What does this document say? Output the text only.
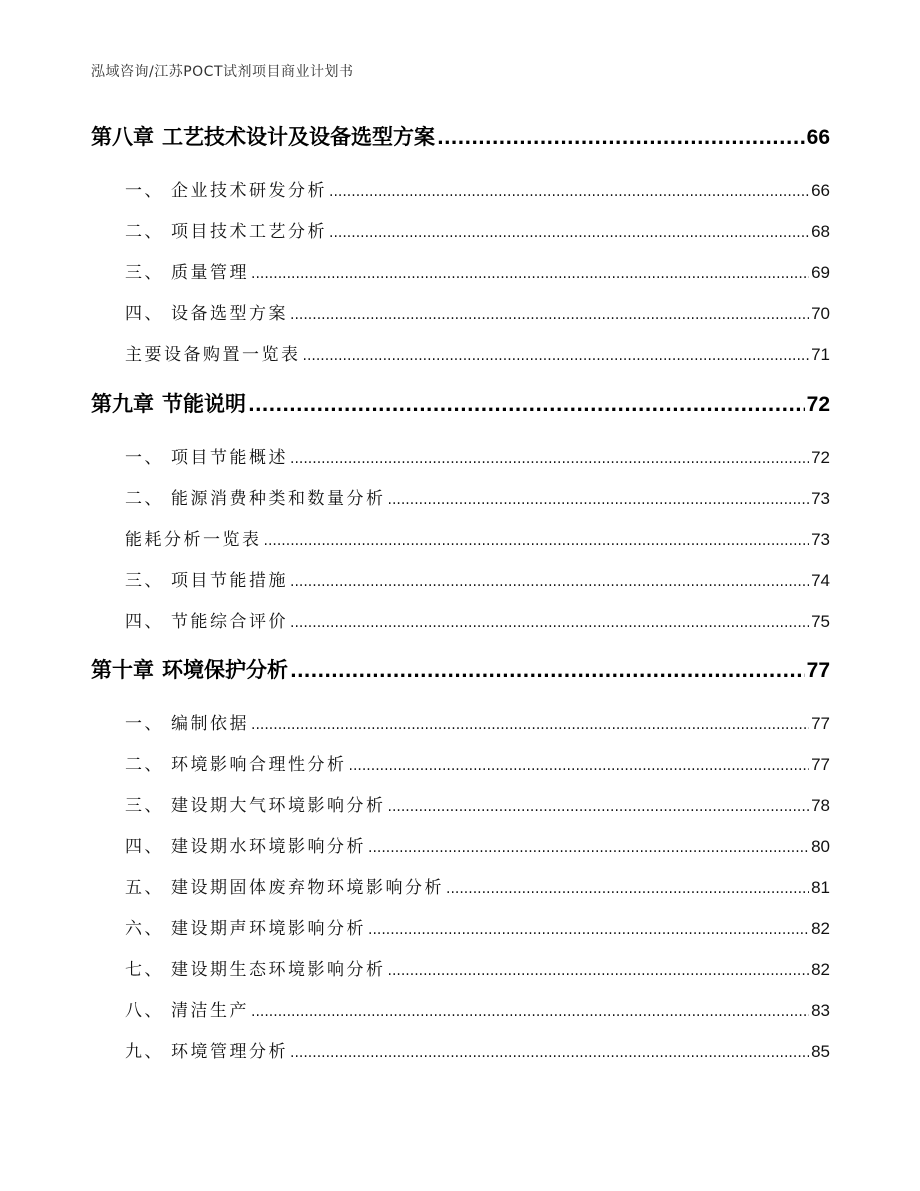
泓域咨询/江苏POCT试剂项目商业计划书
第八章 工艺技术设计及设备选型方案 .....	66
一、 企业技术研发分析 .....	66
二、 项目技术工艺分析 .....	68
三、 质量管理 .....	69
四、 设备选型方案 .....	70
主要设备购置一览表 .....	71
第九章 节能说明 .....	72
一、 项目节能概述 .....	72
二、 能源消费种类和数量分析 .....	73
能耗分析一览表 .....	73
三、 项目节能措施 .....	74
四、 节能综合评价 .....	75
第十章 环境保护分析 .....	77
一、 编制依据 .....	77
二、 环境影响合理性分析 .....	77
三、 建设期大气环境影响分析 .....	78
四、 建设期水环境影响分析 .....	80
五、 建设期固体废弃物环境影响分析 .....	81
六、 建设期声环境影响分析 .....	82
七、 建设期生态环境影响分析 .....	82
八、 清洁生产 .....	83
九、 环境管理分析 .....	85
